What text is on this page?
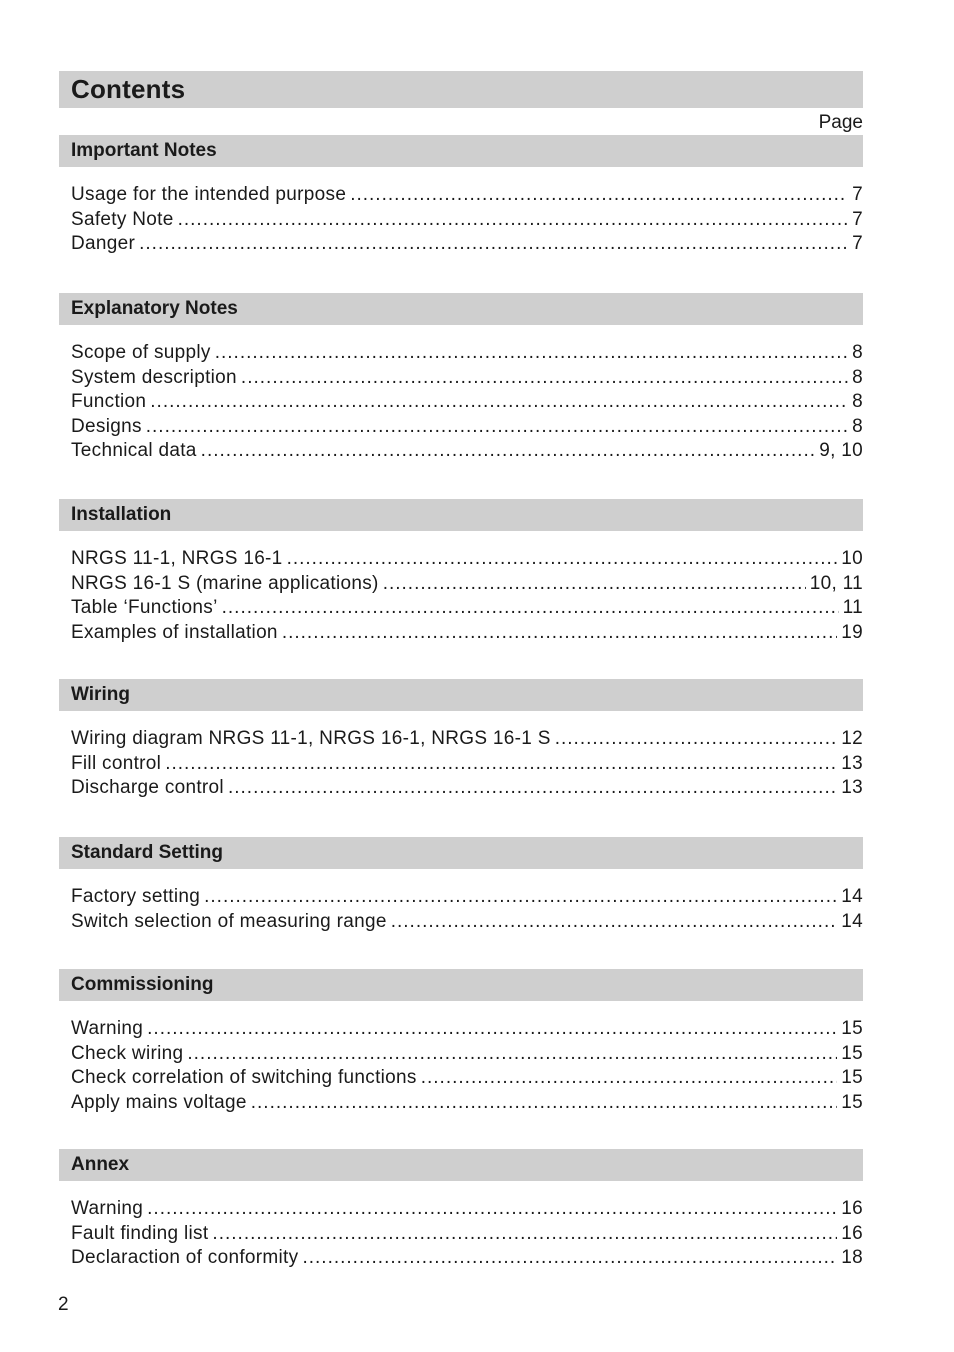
Contents
Page
Important Notes
Usage for the intended purpose .....	7
Safety Note .....	7
Danger .....	7
Explanatory Notes
Scope of supply .....	8
System description .....	8
Function .....	8
Designs .....	8
Technical data .....	9, 10
Installation
NRGS 11-1, NRGS 16-1 .....	10
NRGS 16-1 S (marine applications) .....	10, 11
Table ‘Functions’ .....	11
Examples of installation .....	19
Wiring
Wiring diagram NRGS 11-1, NRGS 16-1, NRGS 16-1 S .....	12
Fill control .....	13
Discharge control .....	13
Standard Setting
Factory setting .....	14
Switch selection of measuring range .....	14
Commissioning
Warning .....	15
Check wiring .....	15
Check correlation of switching functions .....	15
Apply mains voltage .....	15
Annex
Warning .....	16
Fault finding list .....	16
Declaraction of conformity .....	18
2
